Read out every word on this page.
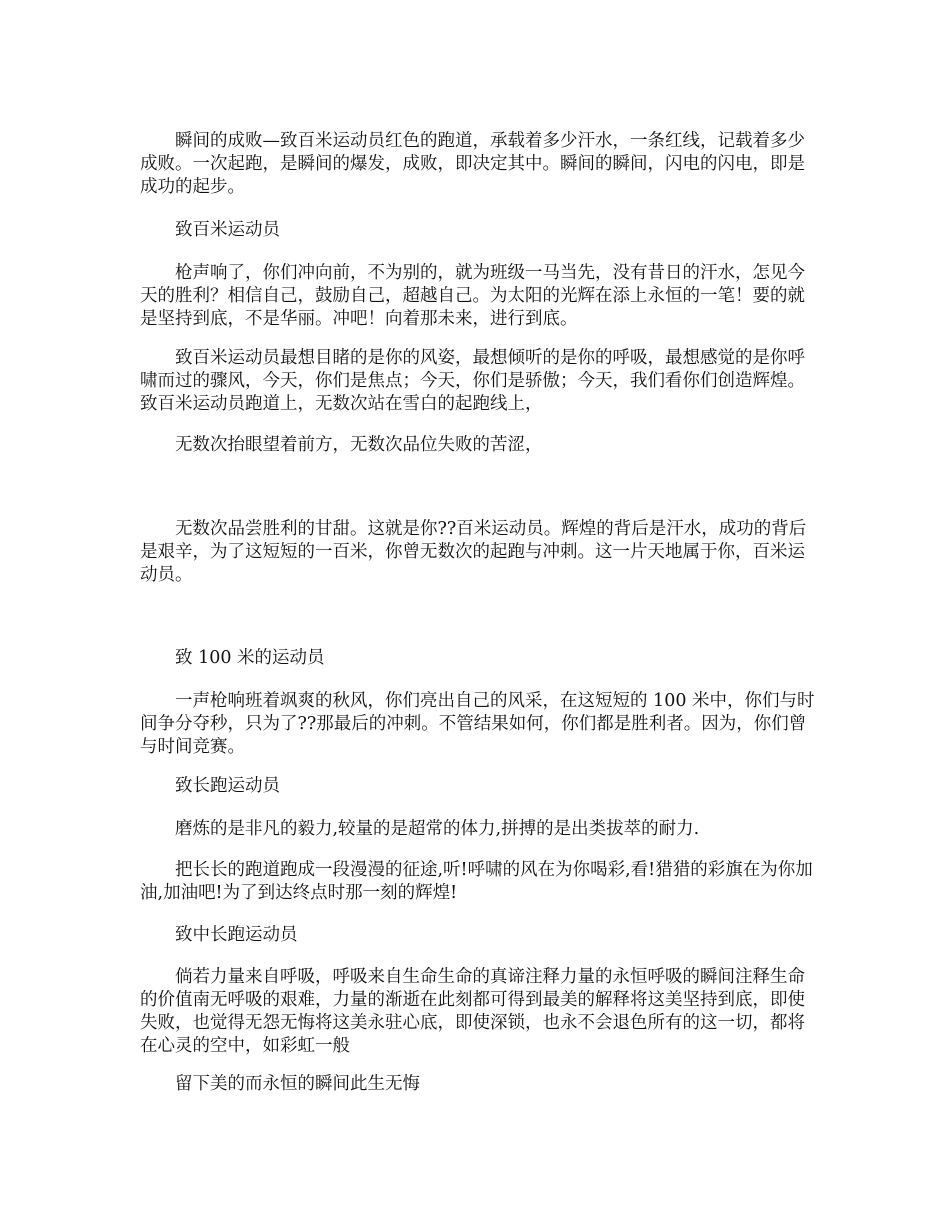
瞬间的成败—致百米运动员红色的跑道，承载着多少汗水，一条红线，记载着多少成败。一次起跑，是瞬间的爆发，成败，即决定其中。瞬间的瞬间，闪电的闪电，即是成功的起步。

致百米运动员

枪声响了，你们冲向前，不为别的，就为班级一马当先，没有昔日的汗水，怎见今天的胜利？相信自己，鼓励自己，超越自己。为太阳的光辉在添上永恒的一笔！要的就是坚持到底，不是华丽。冲吧！向着那未来，进行到底。

致百米运动员最想目睹的是你的风姿，最想倾听的是你的呼吸，最想感觉的是你呼啸而过的骤风，今天，你们是焦点；今天，你们是骄傲；今天，我们看你们创造辉煌。致百米运动员跑道上，无数次站在雪白的起跑线上，

无数次抬眼望着前方，无数次品位失败的苦涩，

无数次品尝胜利的甘甜。这就是你??百米运动员。辉煌的背后是汗水，成功的背后是艰辛，为了这短短的一百米，你曾无数次的起跑与冲刺。这一片天地属于你，百米运动员。

致 100 米的运动员

一声枪响班着飒爽的秋风，你们亮出自己的风采，在这短短的 100 米中，你们与时间争分夺秒，只为了??那最后的冲刺。不管结果如何，你们都是胜利者。因为，你们曾与时间竞赛。

致长跑运动员

磨炼的是非凡的毅力,较量的是超常的体力,拼搏的是出类拔萃的耐力.

把长长的跑道跑成一段漫漫的征途,听!呼啸的风在为你喝彩,看!猎猎的彩旗在为你加油,加油吧!为了到达终点时那一刻的辉煌!

致中长跑运动员

倘若力量来自呼吸，呼吸来自生命生命的真谛注释力量的永恒呼吸的瞬间注释生命的价值南无呼吸的艰难，力量的渐逝在此刻都可得到最美的解释将这美坚持到底，即使失败，也觉得无怨无悔将这美永驻心底，即使深锁，也永不会退色所有的这一切，都将在心灵的空中，如彩虹一般

留下美的而永恒的瞬间此生无悔
